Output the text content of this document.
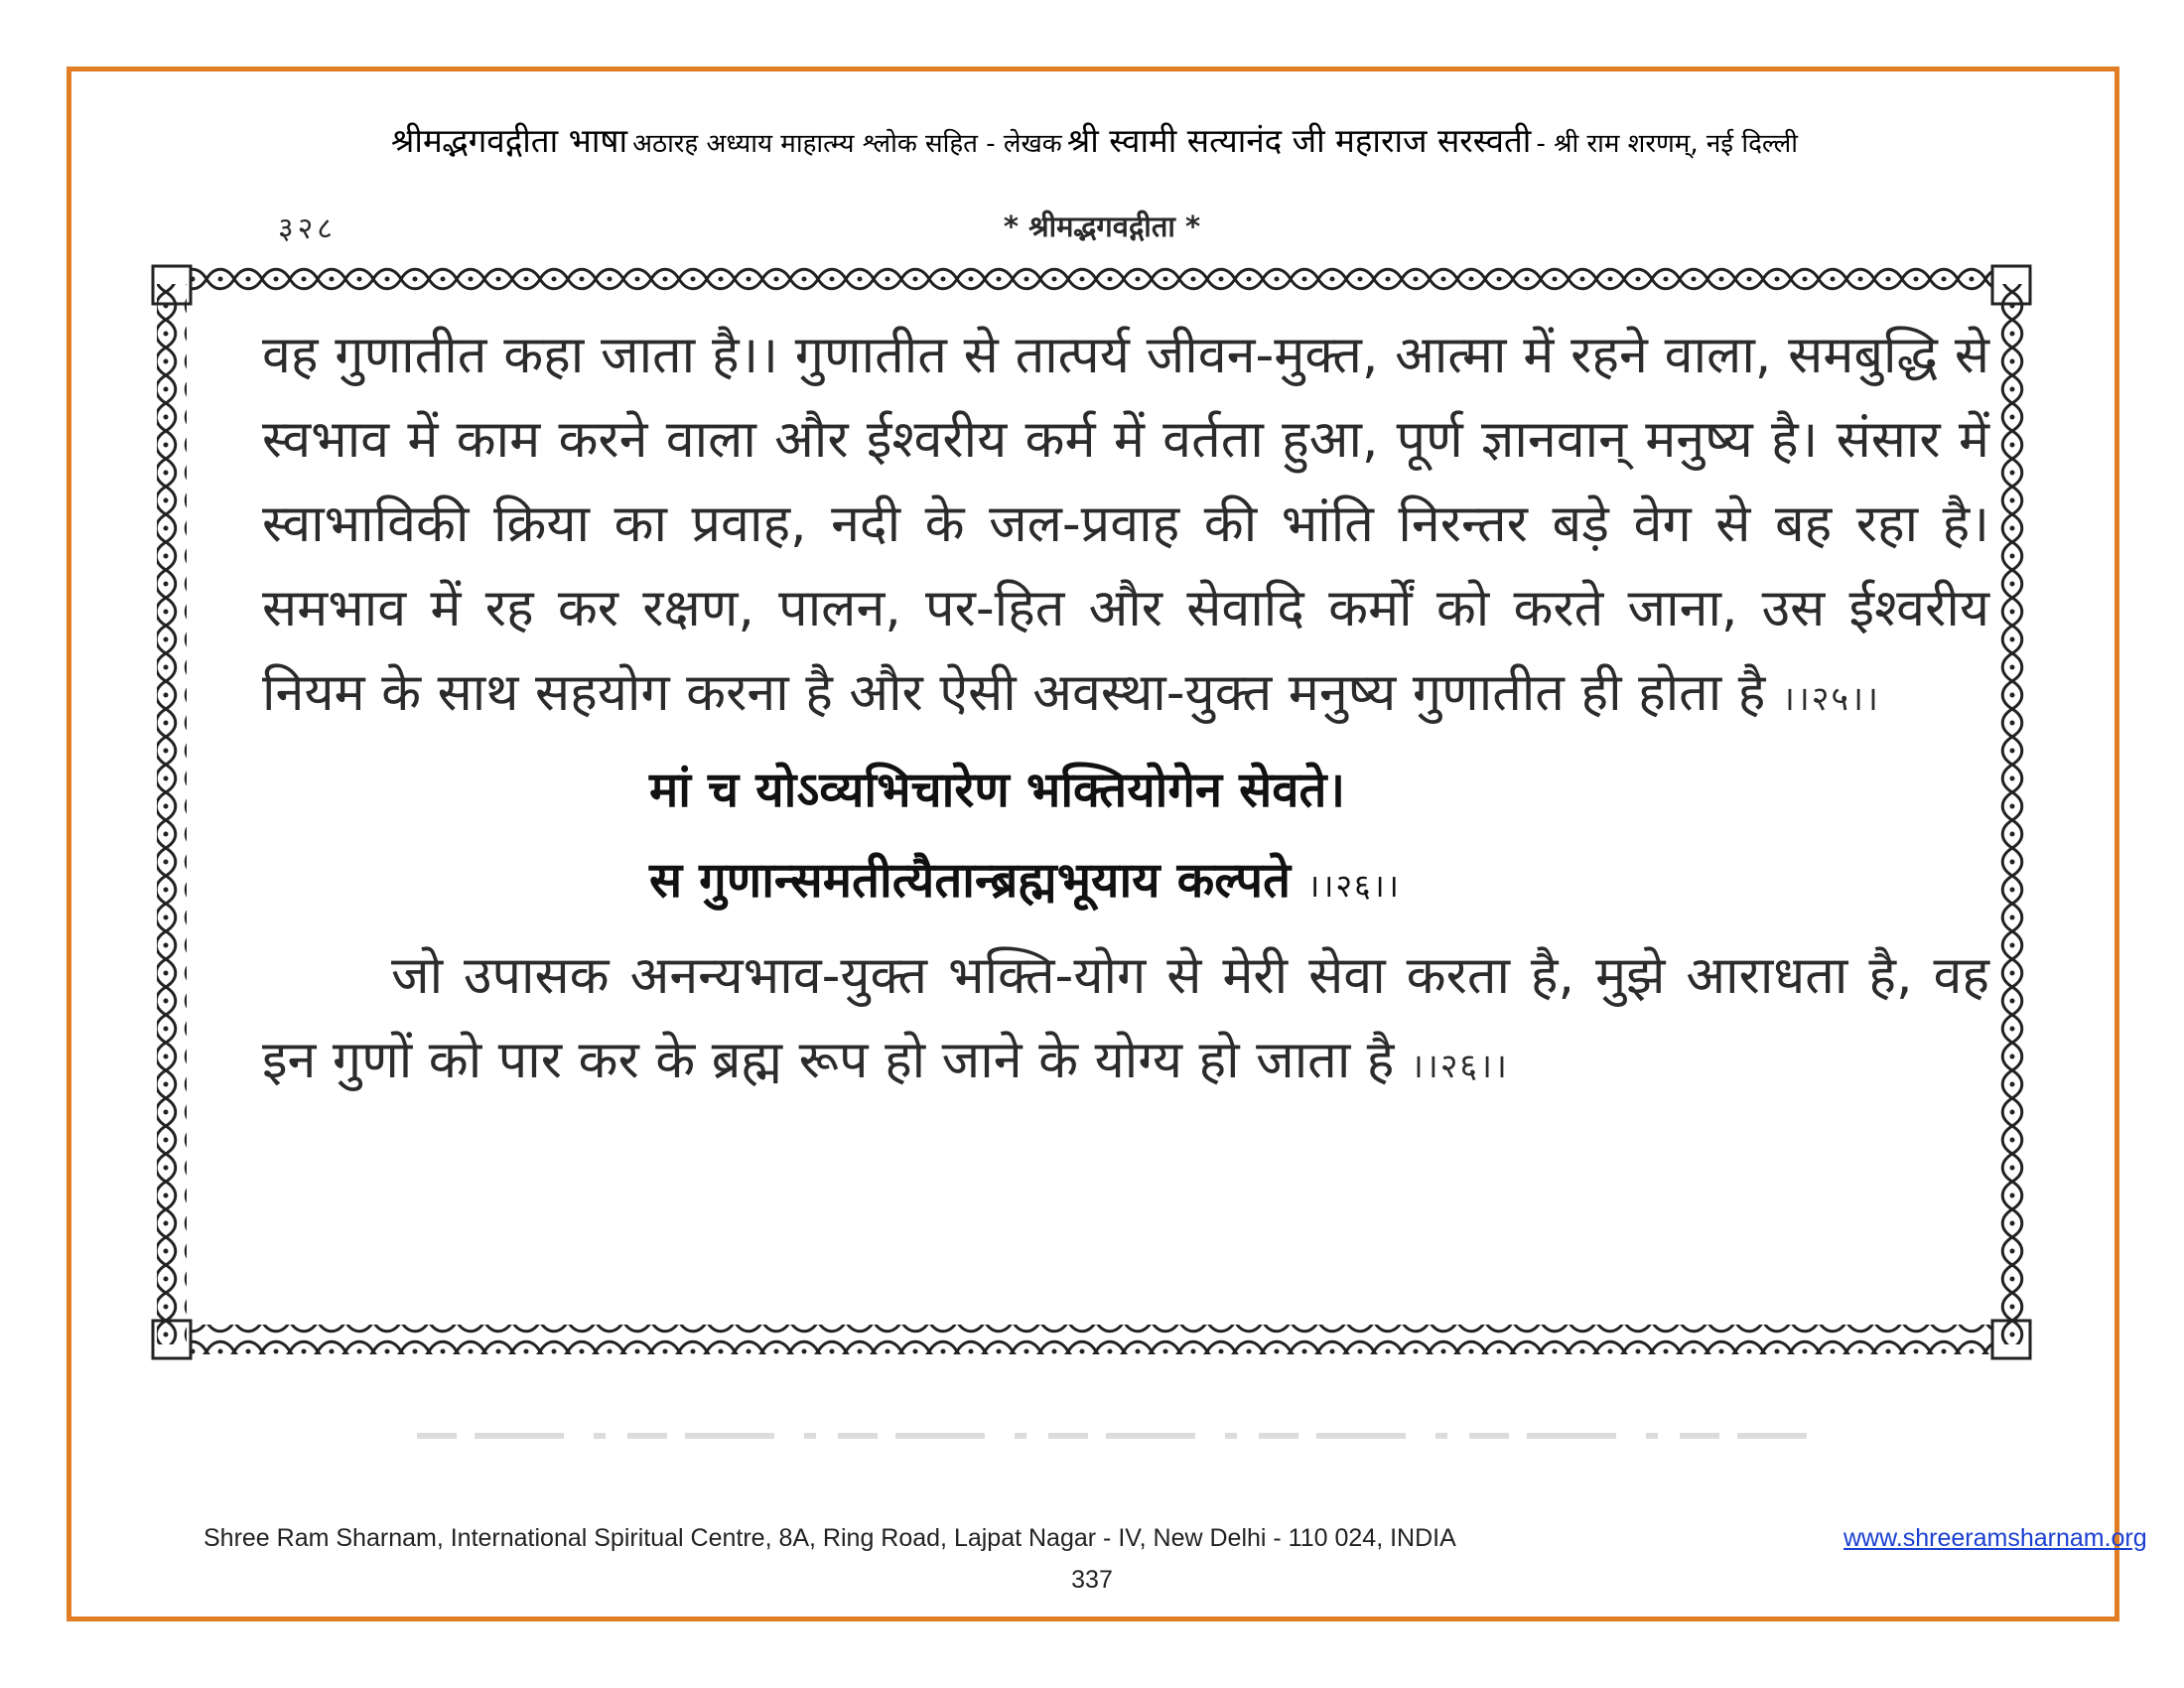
श्रीमद्भगवद्गीता भाषा अठारह अध्याय माहात्म्य श्लोक सहित - लेखक श्री स्वामी सत्यानंद जी महाराज सरस्वती - श्री राम शरणम्, नई दिल्ली
३२८	* श्रीमद्भगवद्गीता *

वह गुणातीत कहा जाता है।। गुणातीत से तात्पर्य जीवन-मुक्त, आत्मा में रहने वाला, समबुद्धि से स्वभाव में काम करने वाला और ईश्वरीय कर्म में वर्तता हुआ, पूर्ण ज्ञानवान् मनुष्य है। संसार में स्वाभाविकी क्रिया का प्रवाह, नदी के जल-प्रवाह की भांति निरन्तर बड़े वेग से बह रहा है। समभाव में रह कर रक्षण, पालन, पर-हित और सेवादि कर्मों को करते जाना, उस ईश्वरीय नियम के साथ सहयोग करना है और ऐसी अवस्था-युक्त मनुष्य गुणातीत ही होता है ।।२५।।

मां च योऽव्यभिचारेण भक्तियोगेन सेवते।
स गुणान्समतीत्यैतान्ब्रह्मभूयाय कल्पते ।।२६।।

जो उपासक अनन्यभाव-युक्त भक्ति-योग से मेरी सेवा करता है, मुझे आराधता है, वह इन गुणों को पार कर के ब्रह्म रूप हो जाने के योग्य हो जाता है ।।२६।।

Shree Ram Sharnam, International Spiritual Centre, 8A, Ring Road, Lajpat Nagar - IV, New Delhi - 110 024, INDIA	www.shreeramsharnam.org
337
